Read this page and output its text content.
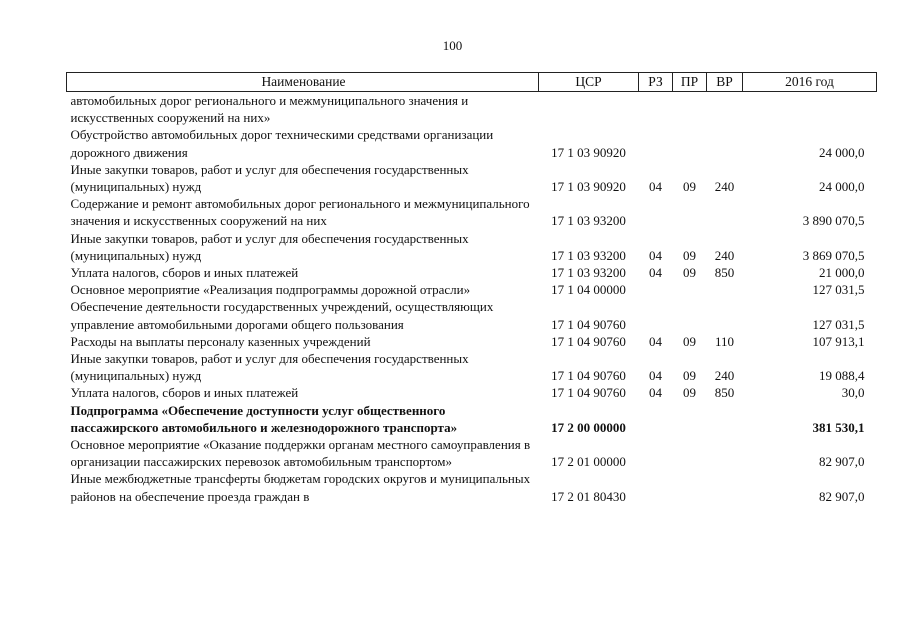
100
Наименование	ЦСР	РЗ	ПР	ВР	2016 год
автомобильных дорог регионального и межмуниципального значения и искусственных сооружений на них»					
Обустройство автомобильных дорог техническими средствами организации дорожного движения	17 1 03 90920				24 000,0
Иные закупки товаров, работ и услуг для обеспечения государственных (муниципальных) нужд	17 1 03 90920	04	09	240	24 000,0
Содержание и ремонт автомобильных дорог регионального и межмуниципального значения и искусственных сооружений на них	17 1 03 93200				3 890 070,5
Иные закупки товаров, работ и услуг для обеспечения государственных (муниципальных) нужд	17 1 03 93200	04	09	240	3 869 070,5
Уплата налогов, сборов и иных платежей	17 1 03 93200	04	09	850	21 000,0
Основное мероприятие «Реализация подпрограммы дорожной отрасли»	17 1 04 00000				127 031,5
Обеспечение деятельности государственных учреждений, осуществляющих управление автомобильными дорогами общего пользования	17 1 04 90760				127 031,5
Расходы на выплаты персоналу казенных учреждений	17 1 04 90760	04	09	110	107 913,1
Иные закупки товаров, работ и услуг для обеспечения государственных (муниципальных) нужд	17 1 04 90760	04	09	240	19 088,4
Уплата налогов, сборов и иных платежей	17 1 04 90760	04	09	850	30,0
Подпрограмма «Обеспечение доступности услуг общественного пассажирского автомобильного и железнодорожного транспорта»	17 2 00 00000				381 530,1
Основное мероприятие «Оказание поддержки органам местного самоуправления в организации пассажирских перевозок автомобильным транспортом»	17 2 01 00000				82 907,0
Иные межбюджетные трансферты бюджетам городских округов и муниципальных районов на обеспечение проезда граждан в	17 2 01 80430				82 907,0
